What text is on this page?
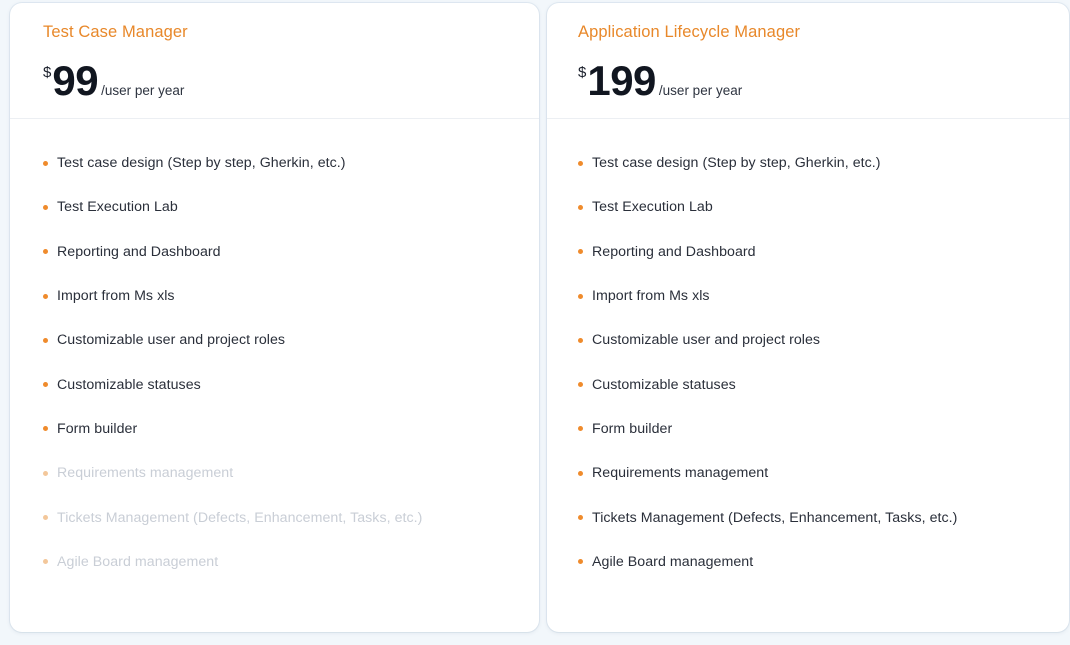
Test Case Manager
$ 99 /user per year
Test case design (Step by step, Gherkin, etc.)
Test Execution Lab
Reporting and Dashboard
Import from Ms xls
Customizable user and project roles
Customizable statuses
Form builder
Requirements management
Tickets Management (Defects, Enhancement, Tasks, etc.)
Agile Board management
Application Lifecycle Manager
$ 199 /user per year
Test case design (Step by step, Gherkin, etc.)
Test Execution Lab
Reporting and Dashboard
Import from Ms xls
Customizable user and project roles
Customizable statuses
Form builder
Requirements management
Tickets Management (Defects, Enhancement, Tasks, etc.)
Agile Board management
